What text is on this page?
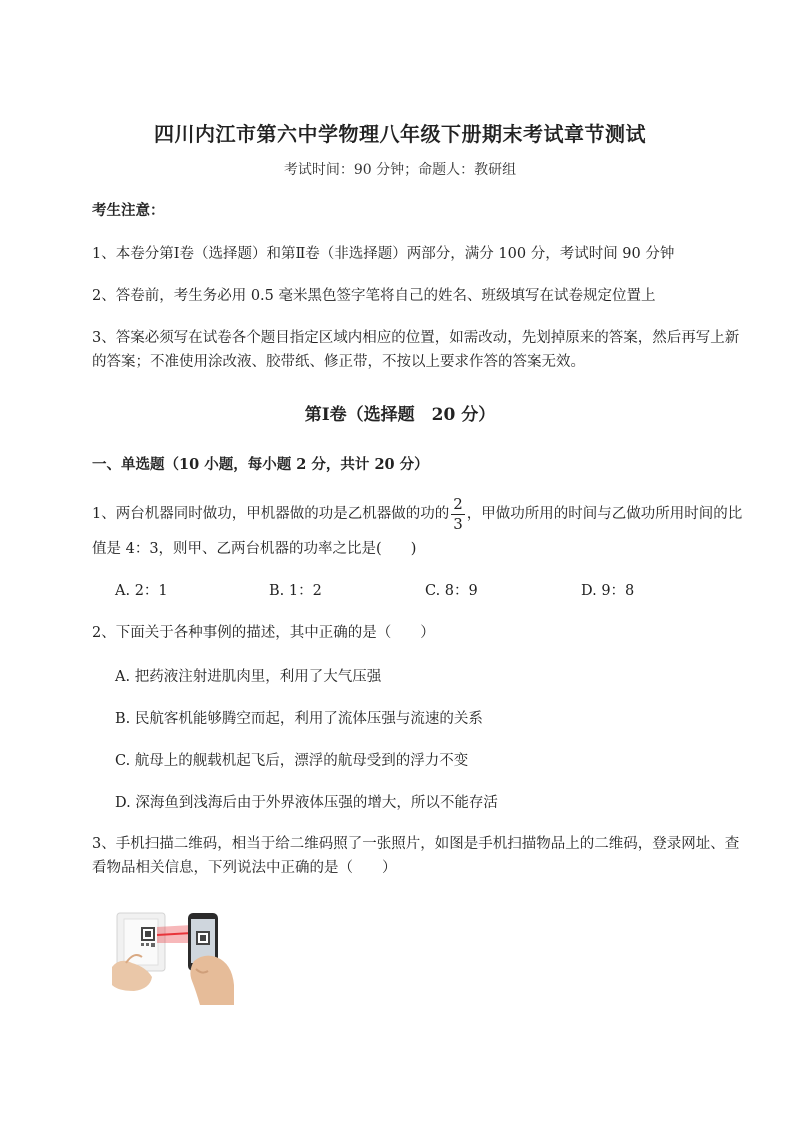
四川内江市第六中学物理八年级下册期末考试章节测试
考试时间：90 分钟；命题人：教研组
考生注意：
1、本卷分第Ⅰ卷（选择题）和第Ⅱ卷（非选择题）两部分，满分 100 分，考试时间 90 分钟
2、答卷前，考生务必用 0.5 毫米黑色签字笔将自己的姓名、班级填写在试卷规定位置上
3、答案必须写在试卷各个题目指定区域内相应的位置，如需改动，先划掉原来的答案，然后再写上新
的答案；不准使用涂改液、胶带纸、修正带，不按以上要求作答的答案无效。
第Ⅰ卷（选择题　20 分）
一、单选题（10 小题，每小题 2 分，共计 20 分）
1、两台机器同时做功，甲机器做的功是乙机器做的功的 $\frac{2}{3}$ ，甲做功所用的时间与乙做功所用时间的比
值是 4：3，则甲、乙两台机器的功率之比是(　　)
A. 2：1	B. 1：2	C. 8：9	D. 9：8
2、下面关于各种事例的描述，其中正确的是（　　）
A. 把药液注射进肌肉里，利用了大气压强
B. 民航客机能够腾空而起，利用了流体压强与流速的关系
C. 航母上的舰载机起飞后，漂浮的航母受到的浮力不变
D. 深海鱼到浅海后由于外界液体压强的增大，所以不能存活
3、手机扫描二维码，相当于给二维码照了一张照片，如图是手机扫描物品上的二维码，登录网址、查
看物品相关信息，下列说法中正确的是（　　）
